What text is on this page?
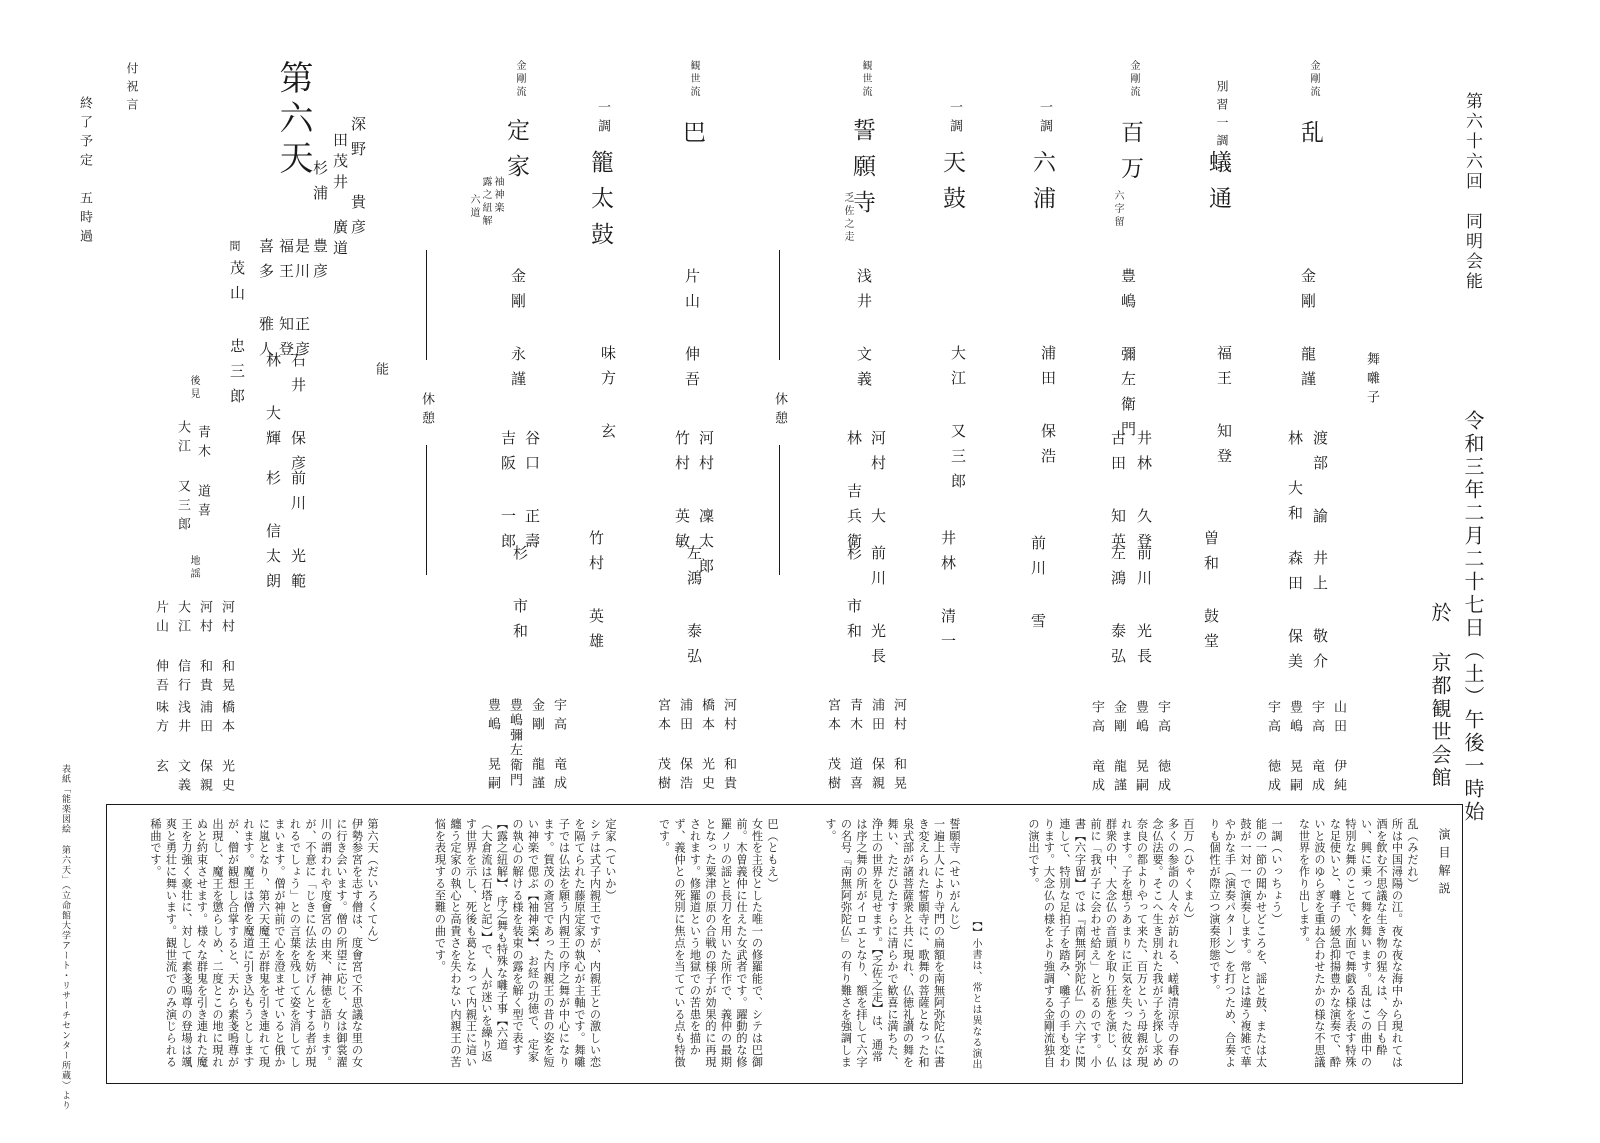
第六十六回　同明会能
令和三年二月二十七日（土）午後一時始
於 京都観世会館
舞囃子
金剛流
乱
金剛 龍謹
渡部 諭
林　大和
井上 敬介
森田 保美
山田 伊純
宇高 竜成
豊嶋 晃嗣
宇高 徳成
別習一調
蟻通
福王 知登
曽和 鼓堂
金剛流
百万
六字留
豊嶋 彌左衛門
井林 久登
古田 知英
前川 光長
左鴻 泰弘
宇高 徳成
豊嶋 晃嗣
金剛 龍謹
宇高 竜成
一調
六浦
浦田 保浩
前川 雪
一調
天鼓
大江 又三郎
井林 清一
観世流
誓願寺
乏佐之走
浅井 文義
河村 大
林 吉兵衛
前川 光長
杉 市和
河村 和晃
浦田 保親
青木 道喜
宮本 茂樹
休憩
観世流
巴
片山 伸吾
河村 凜太郎
竹村 英敏
左鴻 泰弘
河村 和貴
橋本 光史
浦田 保浩
宮本 茂樹
一調
籠太鼓
味方 玄
竹村 英雄
金剛流
定家
袖神楽
露之紐解
六道
金剛 永謹
谷口 正壽
吉阪 一郎
杉 市和
宇高 竜成
金剛 龍謹
豊嶋彌左衛門
豊嶋 晃嗣
休憩
能
第六天 深野 貴彦
田茂井 廣道
杉浦 豊彦
是川 正彦
福王 知登
喜多 雅人
間
茂山 忠三郎
石井 保彦
林 大輝
前川 光範
杉 信太朗
後見
青木 道喜
大江 又三郎
地謡
河村 和晃
河村 和貴
大江 信行
片山 伸吾
橋本 光史
浦田 保親
浅井 文義
味方 玄
付祝言
終了予定　五時過
表紙「能楽図絵 第六天」（立命館大学アート・リサーチセンター所蔵）より	演目解説
乱（みだれ）
所は中国潯陽の江。夜な夜な海中から現れては酒を飲む不思議な生き物の猩々は、今日も酔い、興に乗って舞を舞います。乱はこの曲中の特別な舞のことで、水面で舞戯る様を表す特殊な足使いと、囃子の緩急抑揚豊かな演奏で、酔いと波のゆらぎを重ね合わせたかの様な不思議な世界を作り出します。
一調（いっちょう）
能の一節の聞かせどころを、謡と鼓、または太鼓が一対一で演奏します。常とは違う複雑で華やかな手（演奏パターン）を打つため、合奏よりも個性が際立つ演奏形態です。
百万（ひゃくまん）
多くの参詣の人々が訪れる、嵯峨清涼寺の春の念仏法要。そこへ生き別れた我が子を探し求め奈良の都よりやって来た、百万という母親が現れます。子を想うあまりに正気を失った彼女は群衆の中、大念仏の音頭を取り狂態を演じ、仏前に「我が子に会わせ給え」と祈るのです。小書【六字留】では『南無阿弥陀仏』の六字に関連して、特別な足拍子を踏み、囃子の手も変わります。大念仏の様をより強調する金剛流独自の演出です。
誓願寺（せいがんじ）
一遍上人により寺門の扁額を南無阿弥陀仏に書き変えられた誓願寺に、歌舞の菩薩となった和泉式部が諸菩薩衆と共に現れ、仏徳礼讃の舞を舞い、ただひたすらに清らかで歓喜に満ちた、浄土の世界を見せます。【乏佐之走】は、通常は序之舞の所がイロエとなり、額を拝して六字の名号『南無阿弥陀仏』の有り難さを強調します。
【】小書は、常とは異なる演出
巴（ともえ）
女性を主役とした唯一の修羅能で、シテは巴御前。木曽義仲に仕えた女武者です。躍動的な修羅ノリの謡と長刀を用いた所作で、義仲の最期となった粟津の原の合戦の様子が効果的に再現されます。修羅道という地獄での苦患を描かず、義仲との死別に焦点を当てている点も特徴です。
定家（ていか）
シテは式子内親王ですが、内親王との激しい恋を隔てられた藤原定家の執心が主軸です。舞囃子では仏法を願う内親王の序之舞が中心になります。賀茂の斎宮であった内親王の昔の姿を短い神楽で偲ぶ【袖神楽】、お経の功徳で、定家の執心の解ける様を装束の露を解く型で表す【露之紐解】、序之舞も特殊な囃子事【六道（大倉流は石塔と記）】で、人が迷いを繰り返す世界を示し、死後も葛となって内親王に這い纏う定家の執心と高貴さを失わない内親王の苦悩を表現する至難の曲です。
第六天（だいろくてん）
伊勢参宮を志す僧は、度會宮で不思議な里の女に行き会います。僧の所望に応じ、女は御裳濯川の謂われや度會宮の由来、神徳を語ります。が、不意に「じきに仏法を妨げんとする者が現れるでしょう」との言葉を残して姿を消してしまいます。僧が神前で心を澄ませていると俄かに嵐となり、第六天魔王が群鬼を引き連れて現れます。魔王は僧を魔道に引き込もうとしますが、僧が観想し合掌すると、天から素戔嗚尊が出現し、魔王を懲らしめ、二度とこの地に現れぬと約束させます。様々な群鬼を引き連れた魔王を力強く豪壮に、対して素戔嗚尊の登場は颯爽と勇壮に舞います。観世流でのみ演じられる稀曲です。
